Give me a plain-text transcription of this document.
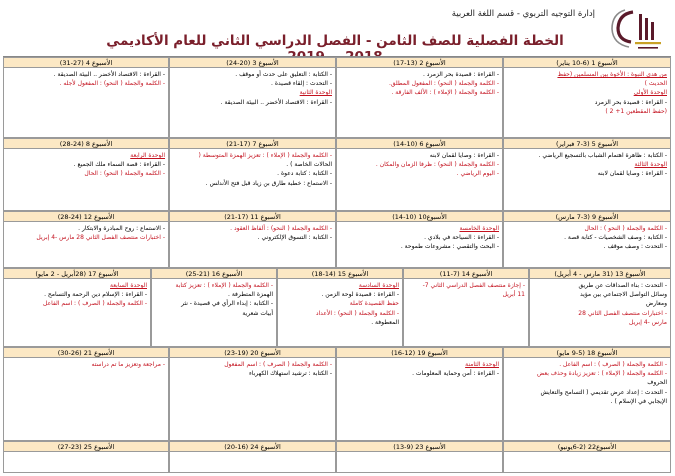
إدارة التوجيه التربوي - قسم اللغة العربية
الخطة الفصلية للصف الثامن - الفصل الدراسي الثاني للعام الأكاديمي
الأسبوع 1 (6-10 يناير)
من هدي النبوة : الأخوة بين المسلمين (حفظ
الحديث )
الوحدة الأولى
- القراءة : قصيدة بحر الزمرد
(حفظ المقطعين 1+ 2 )
الأسبوع 2 (13-17)
- القراءة : قصيدة بحر الزمرد .
- الكلمة والجملة ( النحو) : المفعول المطلق.
- الكلمة والجملة ( الإملاء ) : الألف الفارقة .
الأسبوع 3 (20-24)
- الكتابة : التعليق على حدث أو موقف .
- التحدث : إلقاء قصيدة .
الوحدة الثانية
- القراءة : الاقتصاد الأخضر .. البيئة الصديقة .
الأسبوع 4 (27-31)
- القراءة : الاقتصاد الأخضر .. البيئة الصديقة .
- الكلمة والجملة ( النحو) : المفعول لأجله .
الأسبوع 5 (3-7 فبراير)
- الكتابة : ظاهرة اهتمام الشباب بالتسجيع الرياضي .
الوحدة الثالثة
- القراءة : وصايا لقمان لابنه
الأسبوع 6 (10-14)
- القراءة : وصايا لقمان لابنه
- الكلمة والجملة ( النحو) : ظرفا الزمان والمكان .
- اليوم الرياضي .
الأسبوع 7 (17-21)
- الكلمة والجملة ( الإملاء ) : تعزيز الهمزة المتوسطة (
الحالات الخاصة ) .
- الكتابة : كتابة دعوة .
- الاستماع : خطبة طارق بن زياد قبل فتح الأندلس .
الأسبوع 8 (24-28)
الوحدة الرابعة
- القراءة : قصة السماء ملك الجميع .
- الكلمة والجملة ( النحو) : الحال
الأسبوع 9 (3-7 مارس)
- الكلمة والجملة ( النحو ) : الحال
- الكتابة : وصف الشخصيات - كتابة قصة .
- التحدث : وصف موقف .
الأسبوع10 (10-14)
الوحدة الخامسة
- القراءة : السياحة في بلادي .
- البحث والتقصي : مشروعات طموحة .
الأسبوع 11 (17-21)
- الكلمة والجملة ( النحو) : ألفاظ العقود .
- الكتابة : التسوق الإلكتروني .
الأسبوع 12 (24-28)
- الاستماع : روح المبادرة والابتكار .
- اختبارات منتصف الفصل الثاني 28 مارس -4 إبريل
الأسبوع 13 (31 مارس - 4 أبريل)
- التحدث : بناء الصداقات عن طريق
وسائل التواصل الاجتماعي بين مؤيد
ومعارض
- اختبارات منتصف الفصل الثاني 28
مارس -4 إبريل
الأسبوع 14 (7-11)
- إجازة منتصف الفصل الدراسي الثاني 7-
11 أبريل
الأسبوع 15 (14-18)
الوحدة السادسة
- القراءة : قصيدة لوحة الزمن .
حفظ القصيدة كاملة
- الكلمة والجملة ( النحو) : الأعداد
المعطوفة .
الأسبوع 16 (21-25)
- الكلمة والجملة ( الإملاء ) : تعزيز كتابة
الهمزة المتطرفة .
- الكتابة : إبداء الرأي في قصيدة - نثر
أبيات شعرية
الأسبوع 17 (28أبريل - 2 مايو)
الوحدة السابعة
- القراءة : الإسلام دين الرحمة والتسامح .
- الكلمة والجملة ( الصرف ) : اسم الفاعل
الأسبوع 18 (5-9 مايو)
- الكلمة والجملة ( الصرف ) : اسم الفاعل .
- الكلمة والجملة ( الإملاء ) : تعزيز زيادة وحذف بعض
الحروف
- التحدث : إعداد عرض تقديمي ( التسامح والتعايش
الإيجابي في الإسلام ) .
الأسبوع 19 (12-16)
الوحدة الثامنة
- القراءة : أمن وحماية المعلومات .
الأسبوع 20 (19-23)
- الكلمة والجملة ( الصرف ) : اسم المفعول
- الكتابة : ترشيد استهلاك الكهرباء
الأسبوع 21 (26-30)
- مراجعة وتعزيز ما تم دراسته
الأسبوع22 (2-6يونيو)
الأسبوع 23 (9-13)
الأسبوع 24 (16-20)
الأسبوع 25 (23-27)
